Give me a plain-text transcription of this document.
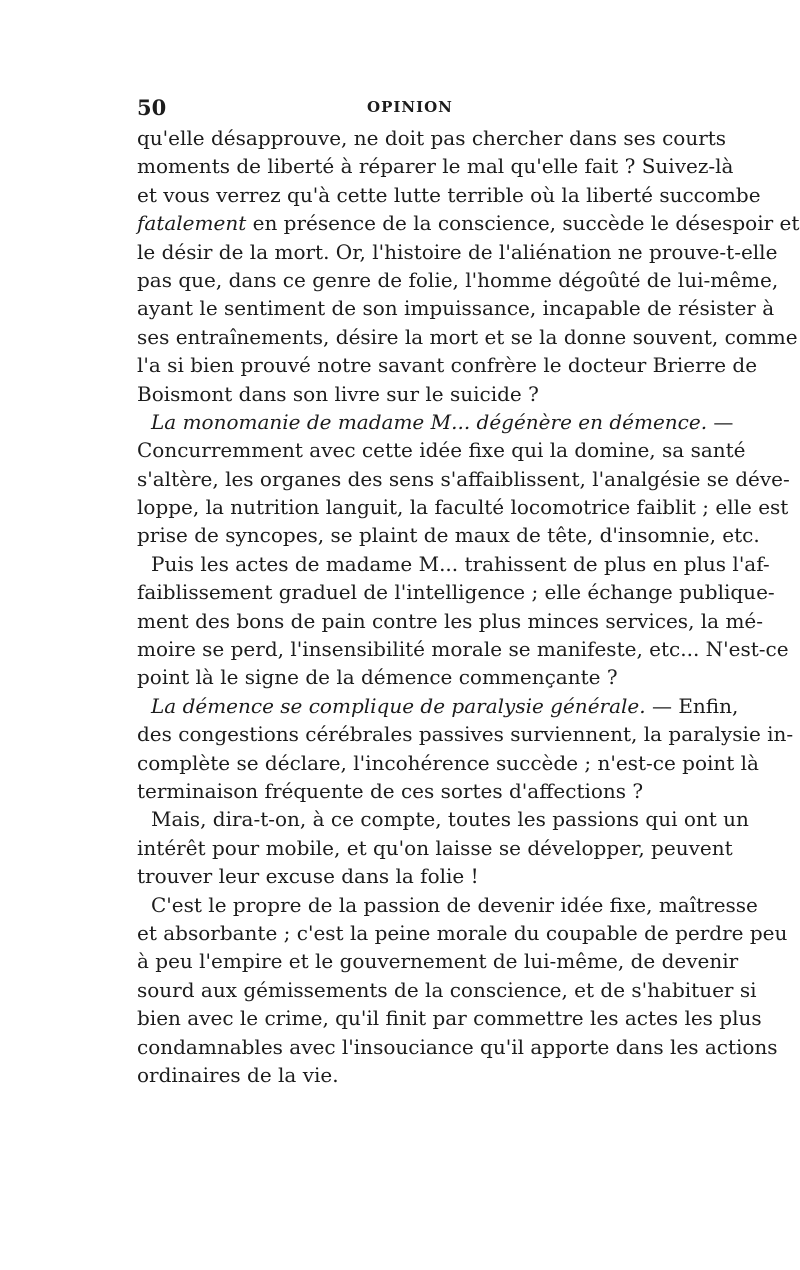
50	OPINION
qu'elle désapprouve, ne doit pas chercher dans ses courts
moments de liberté à réparer le mal qu'elle fait ? Suivez-là
et vous verrez qu'à cette lutte terrible où la liberté succombe
fatalement en présence de la conscience, succède le désespoir et
le désir de la mort. Or, l'histoire de l'aliénation ne prouve-t-elle
pas que, dans ce genre de folie, l'homme dégoûté de lui-même,
ayant le sentiment de son impuissance, incapable de résister à
ses entraînements, désire la mort et se la donne souvent, comme
l'a si bien prouvé notre savant confrère le docteur Brierre de
Boismont dans son livre sur le suicide ?
La monomanie de madame M... dégénère en démence. —
Concurremment avec cette idée fixe qui la domine, sa santé
s'altère, les organes des sens s'affaiblissent, l'analgésie se déve-
loppe, la nutrition languit, la faculté locomotrice faiblit ; elle est
prise de syncopes, se plaint de maux de tête, d'insomnie, etc.
Puis les actes de madame M... trahissent de plus en plus l'af-
faiblissement graduel de l'intelligence ; elle échange publique-
ment des bons de pain contre les plus minces services, la mé-
moire se perd, l'insensibilité morale se manifeste, etc... N'est-ce
point là le signe de la démence commençante ?
La démence se complique de paralysie générale. — Enfin,
des congestions cérébrales passives surviennent, la paralysie in-
complète se déclare, l'incohérence succède ; n'est-ce point là
terminaison fréquente de ces sortes d'affections ?
Mais, dira-t-on, à ce compte, toutes les passions qui ont un
intérêt pour mobile, et qu'on laisse se développer, peuvent
trouver leur excuse dans la folie !
C'est le propre de la passion de devenir idée fixe, maîtresse
et absorbante ; c'est la peine morale du coupable de perdre peu
à peu l'empire et le gouvernement de lui-même, de devenir
sourd aux gémissements de la conscience, et de s'habituer si
bien avec le crime, qu'il finit par commettre les actes les plus
condamnables avec l'insouciance qu'il apporte dans les actions
ordinaires de la vie.
